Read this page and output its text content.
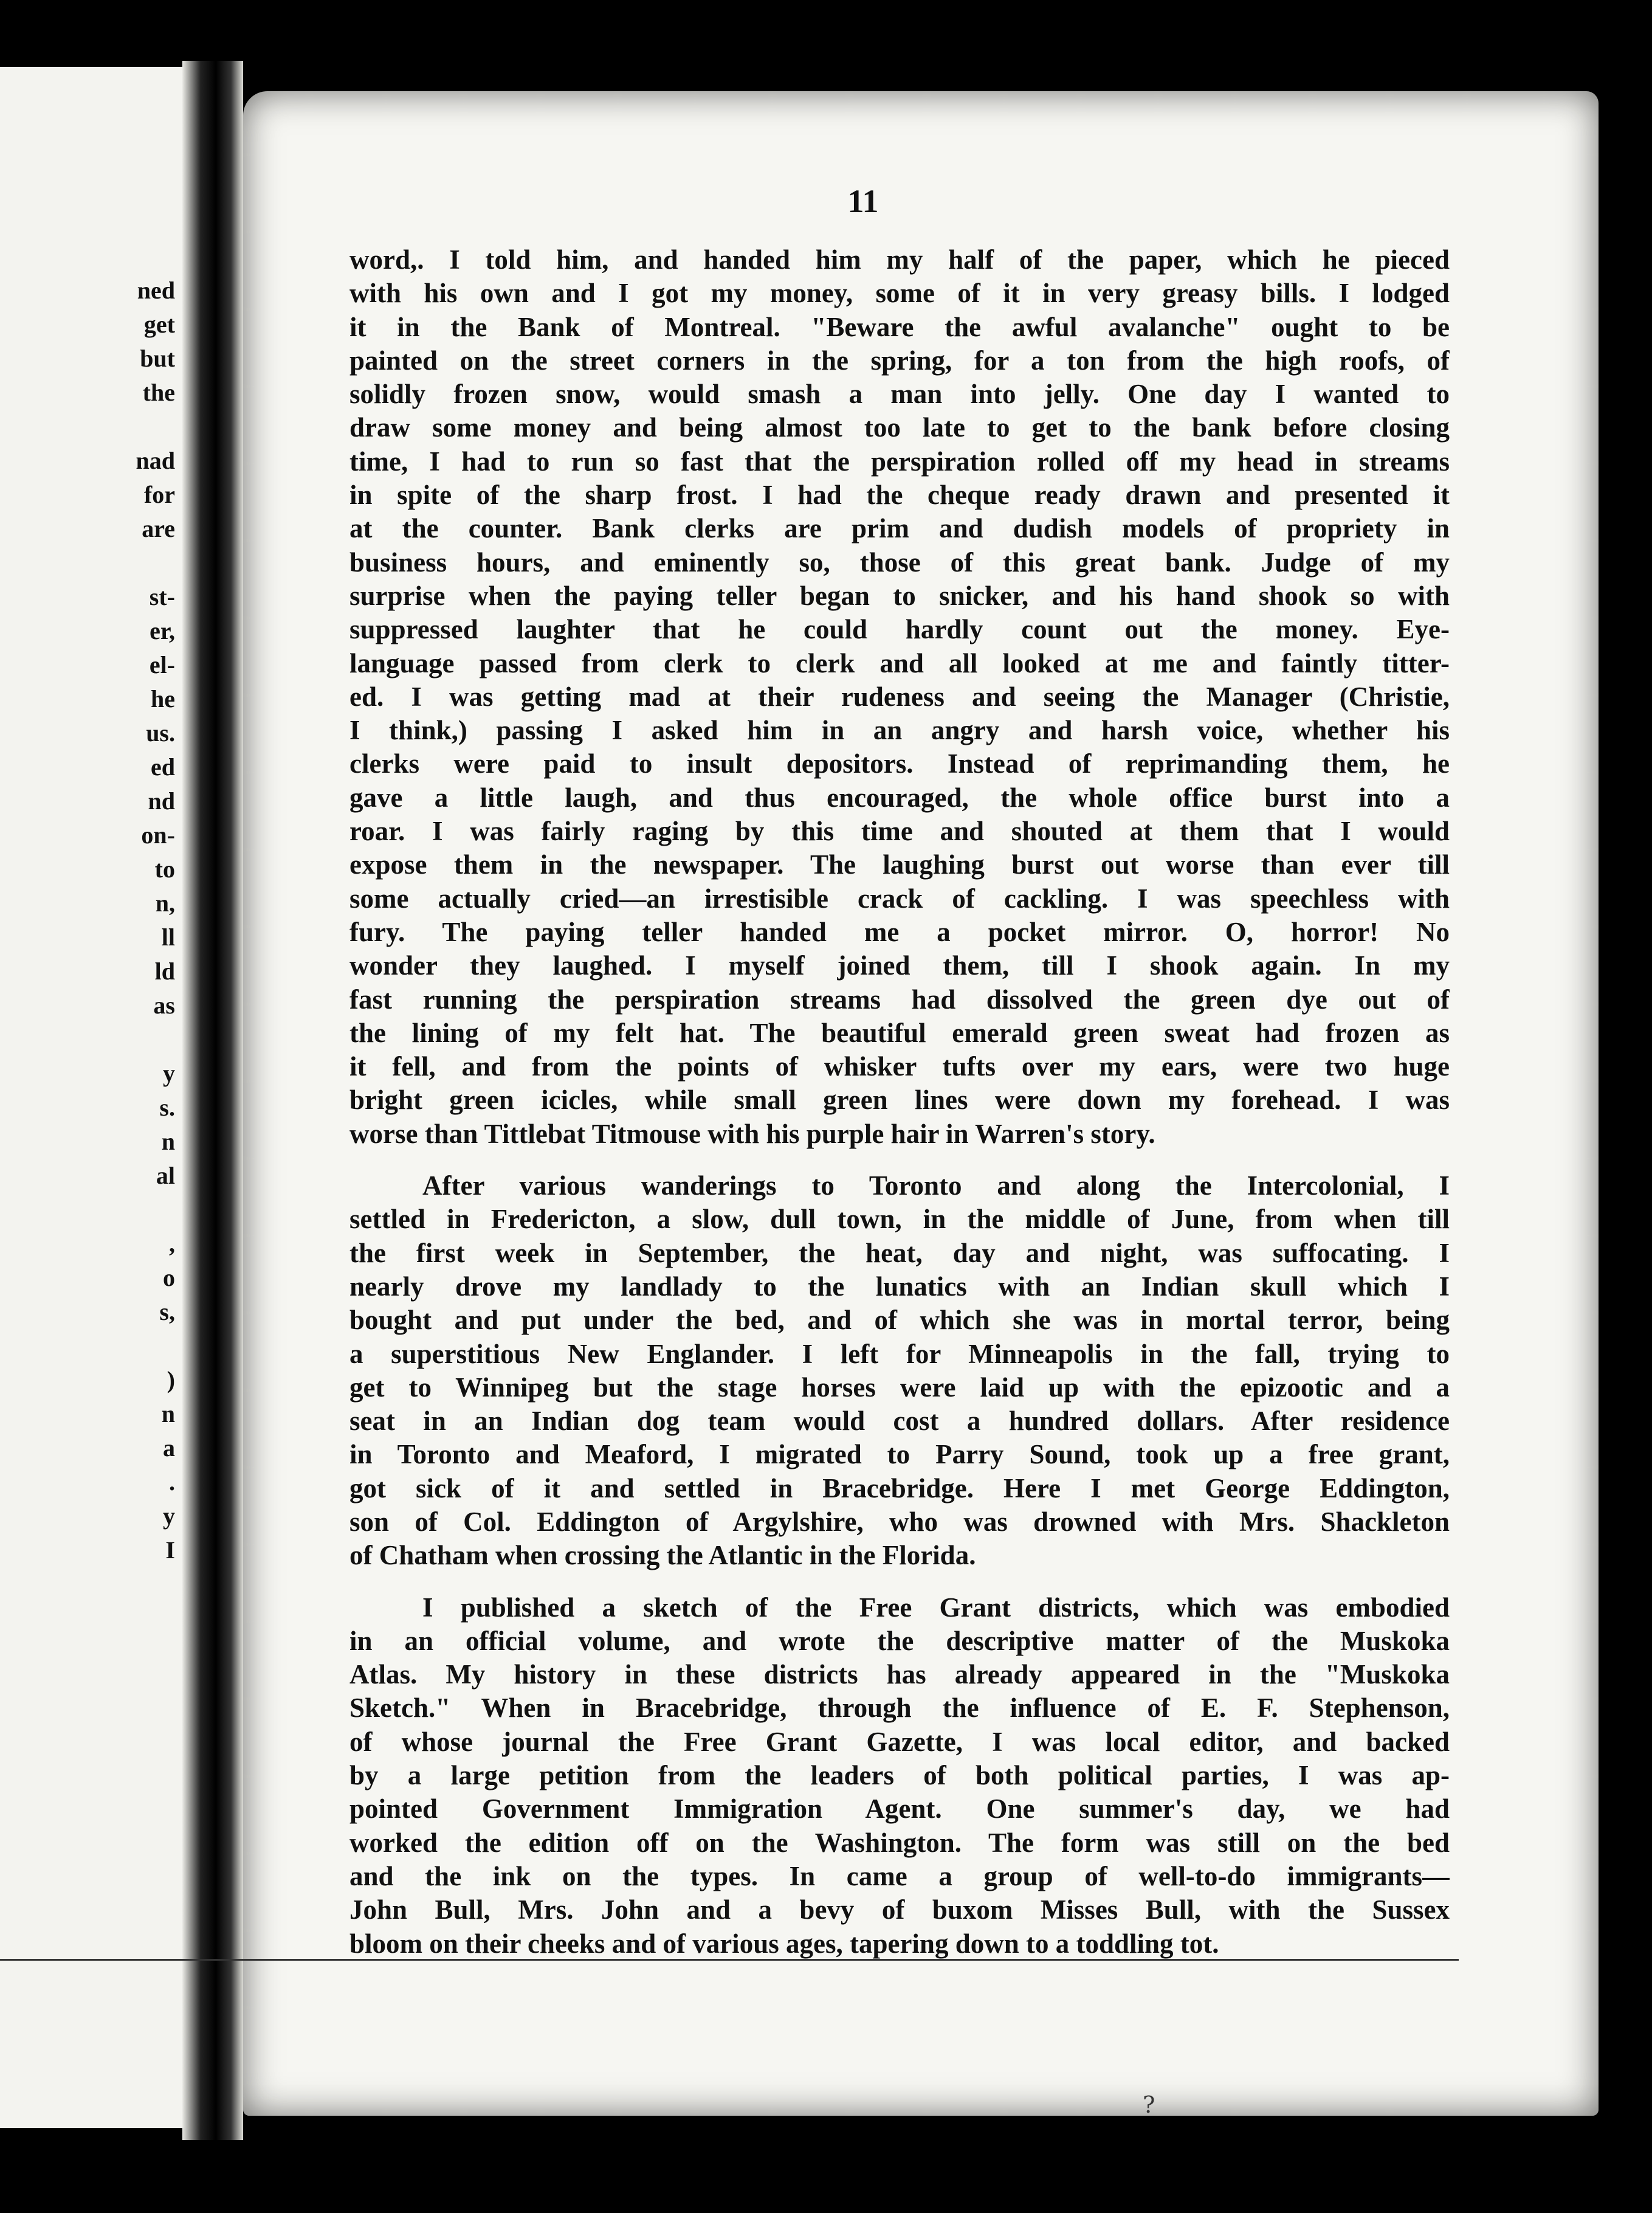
ned
get
but
the

nad
for
are

st-
er,
el-
he
us.
ed
nd
on-
to
n,
ll
ld
as

y
s.
n
al

,
o
s,

)
n
a
.
y
I
11
word,. I told him, and handed him my half of the paper, which he pieced
with his own and I got my money, some of it in very greasy bills. I lodged
it in the Bank of Montreal. "Beware the awful avalanche" ought to be
painted on the street corners in the spring, for a ton from the high roofs, of
solidly frozen snow, would smash a man into jelly. One day I wanted to
draw some money and being almost too late to get to the bank before closing
time, I had to run so fast that the perspiration rolled off my head in streams
in spite of the sharp frost. I had the cheque ready drawn and presented it
at the counter. Bank clerks are prim and dudish models of propriety in
business hours, and eminently so, those of this great bank. Judge of my
surprise when the paying teller began to snicker, and his hand shook so with
suppressed laughter that he could hardly count out the money. Eye-
language passed from clerk to clerk and all looked at me and faintly titter-
ed. I was getting mad at their rudeness and seeing the Manager (Christie,
I think,) passing I asked him in an angry and harsh voice, whether his
clerks were paid to insult depositors. Instead of reprimanding them, he
gave a little laugh, and thus encouraged, the whole office burst into a
roar. I was fairly raging by this time and shouted at them that I would
expose them in the newspaper. The laughing burst out worse than ever till
some actually cried—an irrestisible crack of cackling. I was speechless with
fury. The paying teller handed me a pocket mirror. O, horror! No
wonder they laughed. I myself joined them, till I shook again. In my
fast running the perspiration streams had dissolved the green dye out of
the lining of my felt hat. The beautiful emerald green sweat had frozen as
it fell, and from the points of whisker tufts over my ears, were two huge
bright green icicles, while small green lines were down my forehead. I was
worse than Tittlebat Titmouse with his purple hair in Warren's story.
After various wanderings to Toronto and along the Intercolonial, I
settled in Fredericton, a slow, dull town, in the middle of June, from when till
the first week in September, the heat, day and night, was suffocating. I
nearly drove my landlady to the lunatics with an Indian skull which I
bought and put under the bed, and of which she was in mortal terror, being
a superstitious New Englander. I left for Minneapolis in the fall, trying to
get to Winnipeg but the stage horses were laid up with the epizootic and a
seat in an Indian dog team would cost a hundred dollars. After residence
in Toronto and Meaford, I migrated to Parry Sound, took up a free grant,
got sick of it and settled in Bracebridge. Here I met George Eddington,
son of Col. Eddington of Argylshire, who was drowned with Mrs. Shackleton
of Chatham when crossing the Atlantic in the Florida.
I published a sketch of the Free Grant districts, which was embodied
in an official volume, and wrote the descriptive matter of the Muskoka
Atlas. My history in these districts has already appeared in the "Muskoka
Sketch." When in Bracebridge, through the influence of E. F. Stephenson,
of whose journal the Free Grant Gazette, I was local editor, and backed
by a large petition from the leaders of both political parties, I was ap-
pointed Government Immigration Agent. One summer's day, we had
worked the edition off on the Washington. The form was still on the bed
and the ink on the types. In came a group of well-to-do immigrants—
John Bull, Mrs. John and a bevy of buxom Misses Bull, with the Sussex
bloom on their cheeks and of various ages, tapering down to a toddling tot.
?
